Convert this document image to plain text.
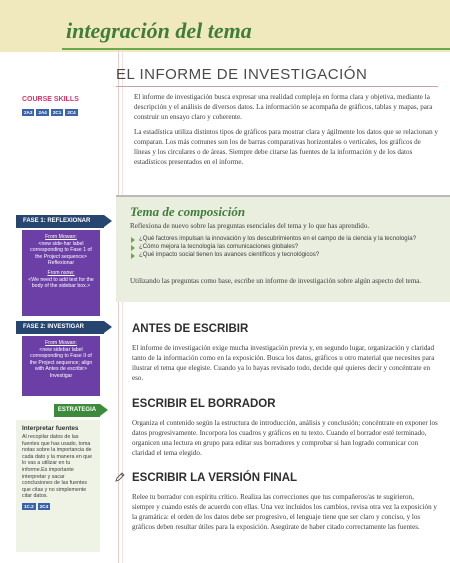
integración del tema
EL INFORME DE INVESTIGACIÓN

El informe de investigación busca expresar una realidad compleja en forma clara y objetiva, mediante la descripción y el análisis de diversos datos. La información se acompaña de gráficos, tablas y mapas, para construir un ensayo claro y coherente.

La estadística utiliza distintos tipos de gráficos para mostrar clara y ágilmente los datos que se relacionan y comparan. Los más comunes son los de barras comparativas horizontales o verticales, los gráficos de líneas y los circulares o de áreas. Siempre debe citarse las fuentes de la información y de los datos estadísticos presentados en el informe.

COURSE SKILLS
2A3	2A4	2C1	2C4
FASE 1: REFLEXIONAR
From Mowan:
<new side-har label corresponding to Fase 1 of the Project sequence> Reflexionar
From nsnw:
<We need to add text for the body of the sidebar box.>
FASE 2: INVESTIGAR
From Mowan:
<new sidebar label corresponding to Fase II of the Project sequence; align with Antes de escribir> Investigar
ESTRATEGIA
Interpretar fuentes
Al recopilar datos de las fuentes que has usado, toma notas sobre la importancia de cada dato y la manera en que lo vas a utilizar en tu informe.Es importante interpretar y sacar conclusiones de las fuentes que citas y no simplemente citar datos.
1C.2	2C4
Tema de composición

Reflexiona de nuevo sobre las preguntas esenciales del tema y lo que has aprendido.

¿Qué factores impulsan la innovación y los descubrimientos en el campo de la ciencia y la tecnología?
¿Cómo mejora la tecnología las comunicaciones globales?
¿Qué impacto social tienen los avances científicos y tecnológicos?

Utilizando las preguntas como base, escribe un informe de investigación sobre algún aspecto del tema.

ANTES DE ESCRIBIR

El informe de investigación exige mucha investigación previa y, en segundo lugar, organización y claridad tanto de la información como en la exposición. Busca los datos, gráficos u otro material que necesites para ilustrar el tema que elegiste. Cuando ya lo hayas revisado todo, decide qué quieres decir y concéntrate en eso.

ESCRIBIR EL BORRADOR

Organiza el contenido según la estructura de introducción, análisis y conclusión; concéntrate en exponer los datos progresivamente. Incorpora los cuadros y gráficos en tu texto. Cuando el borrador esté terminado, organicen una lectura en grupo para editar sus borradores y comprobar si han logrado comunicar con claridad el tema elegido.

ESCRIBIR LA VERSIÓN FINAL

Relee tu borrador con espíritu crítico. Realiza las correcciones que tus compañeros/as te sugirieron, siempre y cuando estés de acuerdo con ellas. Una vez incluidos los cambios, revisa otra vez la exposición y la gramática: el orden de los datos debe ser progresivo, el lenguaje tiene que ser claro y conciso, y los gráficos deben resultar útiles para la exposición. Asegúrate de haber citado correctamente las fuentes.
